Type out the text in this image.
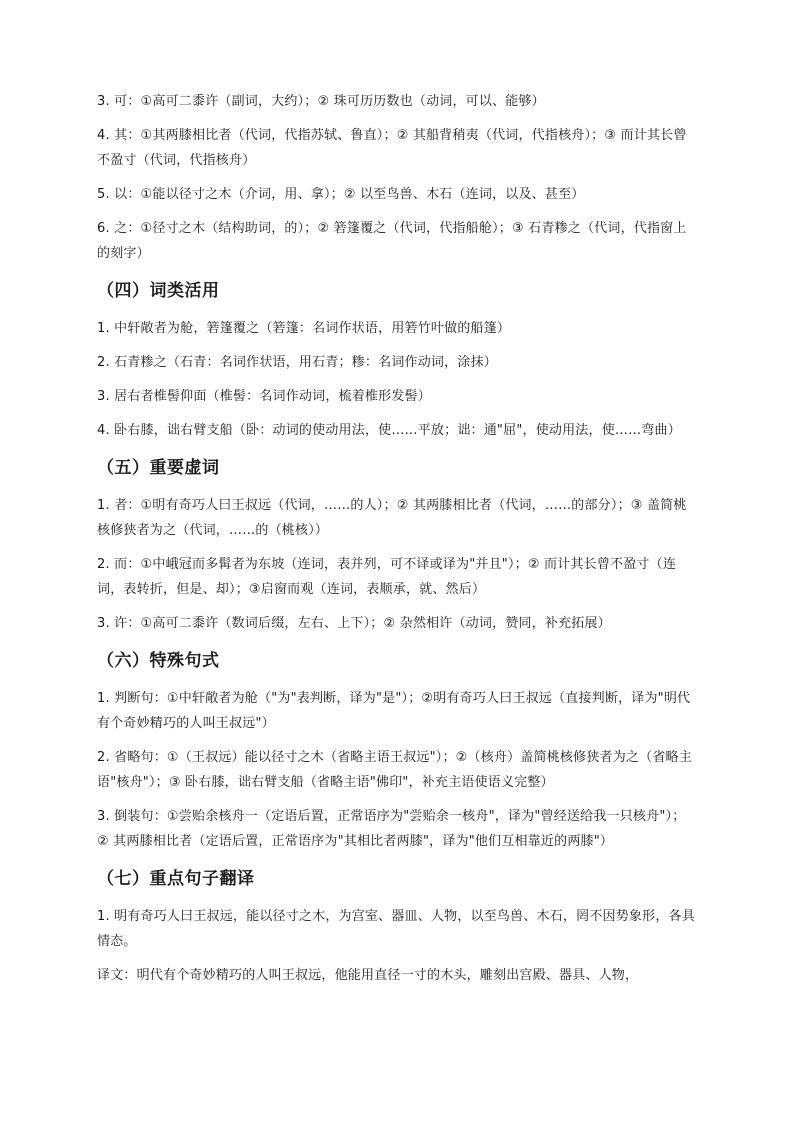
3. 可：①高可二黍许（副词，大约）；② 珠可历历数也（动词，可以、能够）

4. 其：①其两膝相比者（代词，代指苏轼、鲁直）；② 其船背稍夷（代词，代指核舟）；③ 而计其长曾不盈寸（代词，代指核舟）

5. 以：①能以径寸之木（介词，用、拿）；② 以至鸟兽、木石（连词，以及、甚至）

6. 之：①径寸之木（结构助词，的）；② 箬篷覆之（代词，代指船舱）；③ 石青糁之（代词，代指窗上的刻字）

（四）词类活用

1. 中轩敞者为舱，箬篷覆之（箬篷：名词作状语，用箬竹叶做的船篷）

2. 石青糁之（石青：名词作状语，用石青；糁：名词作动词，涂抹）

3. 居右者椎髻仰面（椎髻：名词作动词，梳着椎形发髻）

4. 卧右膝，诎右臂支船（卧：动词的使动用法，使……平放；诎：通"屈"，使动用法，使……弯曲）

（五）重要虚词

1. 者：①明有奇巧人曰王叔远（代词，……的人）；② 其两膝相比者（代词，……的部分）；③ 盖简桃核修狭者为之（代词，……的（桃核））

2. 而：①中峨冠而多髯者为东坡（连词，表并列，可不译或译为"并且"）；② 而计其长曾不盈寸（连词，表转折，但是、却）；③启窗而观（连词，表顺承，就、然后）

3. 许：①高可二黍许（数词后缀，左右、上下）；② 杂然相许（动词，赞同，补充拓展）

（六）特殊句式

1. 判断句：①中轩敞者为舱（"为"表判断，译为"是"）；②明有奇巧人曰王叔远（直接判断，译为"明代有个奇妙精巧的人叫王叔远"）

2. 省略句：①（王叔远）能以径寸之木（省略主语王叔远"）；②（核舟）盖简桃核修狭者为之（省略主语"核舟"）；③ 卧右膝，诎右臂支船（省略主语"佛印"，补充主语使语义完整）

3. 倒装句：①尝贻余核舟一（定语后置，正常语序为"尝贻余一核舟"，译为"曾经送给我一只核舟"）；② 其两膝相比者（定语后置，正常语序为"其相比者两膝"，译为"他们互相靠近的两膝"）

（七）重点句子翻译

1. 明有奇巧人曰王叔远，能以径寸之木，为宫室、器皿、人物，以至鸟兽、木石，罔不因势象形，各具情态。

译文：明代有个奇妙精巧的人叫王叔远，他能用直径一寸的木头，雕刻出宫殿、器具、人物，
